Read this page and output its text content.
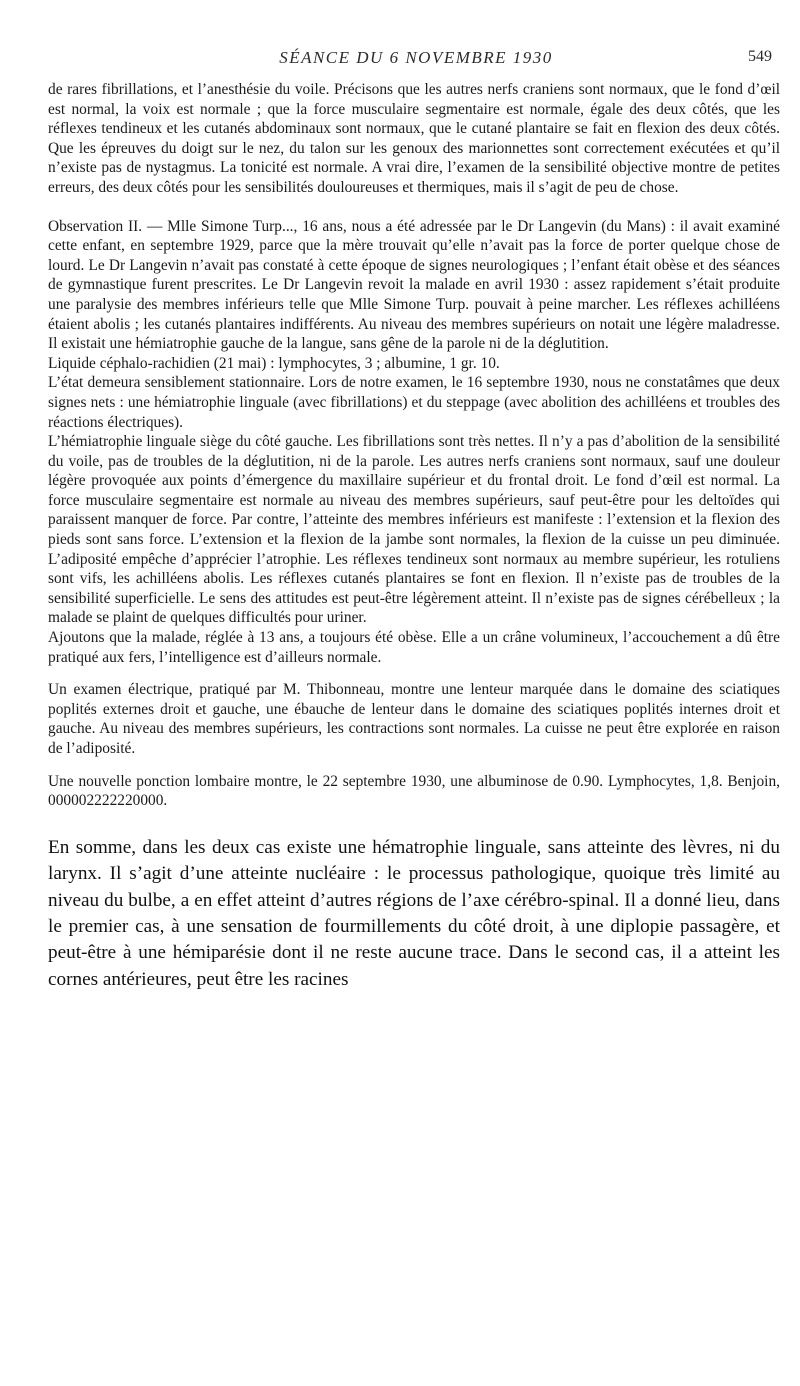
SÉANCE DU 6 NOVEMBRE 1930	549

de rares fibrillations, et l’anesthésie du voile. Précisons que les autres nerfs craniens sont normaux, que le fond d’œil est normal, la voix est normale ; que la force musculaire segmentaire est normale, égale des deux côtés, que les réflexes tendineux et les cutanés abdominaux sont normaux, que le cutané plantaire se fait en flexion des deux côtés. Que les épreuves du doigt sur le nez, du talon sur les genoux des marionnettes sont correctement exécutées et qu’il n’existe pas de nystagmus. La tonicité est normale. A vrai dire, l’examen de la sensibilité objective montre de petites erreurs, des deux côtés pour les sensibilités douloureuses et thermiques, mais il s’agit de peu de chose.

Observation II. — Mlle Simone Turp..., 16 ans, nous a été adressée par le Dr Langevin (du Mans) : il avait examiné cette enfant, en septembre 1929, parce que la mère trouvait qu’elle n’avait pas la force de porter quelque chose de lourd. Le Dr Langevin n’avait pas constaté à cette époque de signes neurologiques ; l’enfant était obèse et des séances de gymnastique furent prescrites. Le Dr Langevin revoit la malade en avril 1930 : assez rapidement s’était produite une paralysie des membres inférieurs telle que Mlle Simone Turp. pouvait à peine marcher. Les réflexes achilléens étaient abolis ; les cutanés plantaires indifférents. Au niveau des membres supérieurs on notait une légère maladresse. Il existait une hémiatrophie gauche de la langue, sans gêne de la parole ni de la déglutition.

Liquide céphalo-rachidien (21 mai) : lymphocytes, 3 ; albumine, 1 gr. 10.

L’état demeura sensiblement stationnaire. Lors de notre examen, le 16 septembre 1930, nous ne constatâmes que deux signes nets : une hémiatrophie linguale (avec fibrillations) et du steppage (avec abolition des achilléens et troubles des réactions électriques).

L’hémiatrophie linguale siège du côté gauche. Les fibrillations sont très nettes. Il n’y a pas d’abolition de la sensibilité du voile, pas de troubles de la déglutition, ni de la parole. Les autres nerfs craniens sont normaux, sauf une douleur légère provoquée aux points d’émergence du maxillaire supérieur et du frontal droit. Le fond d’œil est normal. La force musculaire segmentaire est normale au niveau des membres supérieurs, sauf peut-être pour les deltoïdes qui paraissent manquer de force. Par contre, l’atteinte des membres inférieurs est manifeste : l’extension et la flexion des pieds sont sans force. L’extension et la flexion de la jambe sont normales, la flexion de la cuisse un peu diminuée. L’adiposité empêche d’apprécier l’atrophie. Les réflexes tendineux sont normaux au membre supérieur, les rotuliens sont vifs, les achilléens abolis. Les réflexes cutanés plantaires se font en flexion. Il n’existe pas de troubles de la sensibilité superficielle. Le sens des attitudes est peut-être légèrement atteint. Il n’existe pas de signes cérébelleux ; la malade se plaint de quelques difficultés pour uriner.

Ajoutons que la malade, réglée à 13 ans, a toujours été obèse. Elle a un crâne volumineux, l’accouchement a dû être pratiqué aux fers, l’intelligence est d’ailleurs normale.

Un examen électrique, pratiqué par M. Thibonneau, montre une lenteur marquée dans le domaine des sciatiques poplités externes droit et gauche, une ébauche de lenteur dans le domaine des sciatiques poplités internes droit et gauche. Au niveau des membres supérieurs, les contractions sont normales. La cuisse ne peut être explorée en raison de l’adiposité.

Une nouvelle ponction lombaire montre, le 22 septembre 1930, une albuminose de 0.90. Lymphocytes, 1,8. Benjoin, 000002222220000.

En somme, dans les deux cas existe une hématrophie linguale, sans atteinte des lèvres, ni du larynx. Il s’agit d’une atteinte nucléaire : le processus pathologique, quoique très limité au niveau du bulbe, a en effet atteint d’autres régions de l’axe cérébro-spinal. Il a donné lieu, dans le premier cas, à une sensation de fourmillements du côté droit, à une diplopie passagère, et peut-être à une hémiparésie dont il ne reste aucune trace. Dans le second cas, il a atteint les cornes antérieures, peut être les racines
